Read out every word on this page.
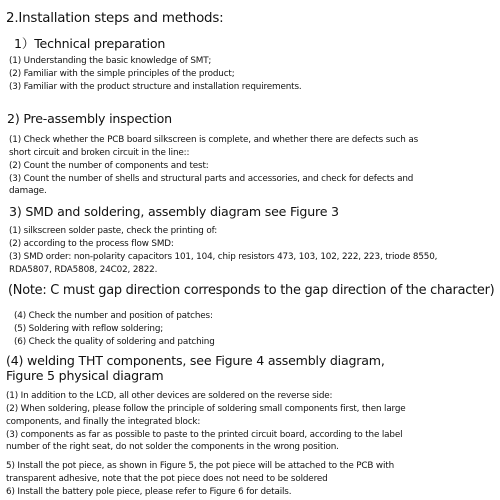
2.Installation steps and methods:
1）Technical preparation
(1) Understanding the basic knowledge of SMT;
(2) Familiar with the simple principles of the product;
(3) Familiar with the product structure and installation requirements.
2) Pre-assembly inspection
(1) Check whether the PCB board silkscreen is complete, and whether there are defects such as
short circuit and broken circuit in the line::
(2) Count the number of components and test:
(3) Count the number of shells and structural parts and accessories, and check for defects and
damage.
3) SMD and soldering, assembly diagram see Figure 3
(1) silkscreen solder paste, check the printing of:
(2) according to the process flow SMD:
(3) SMD order: non-polarity capacitors 101, 104, chip resistors 473, 103, 102, 222, 223, triode 8550,
RDA5807, RDA5808, 24C02, 2822.
(Note: C must gap direction corresponds to the gap direction of the character)
(4) Check the number and position of patches:
(5) Soldering with reflow soldering;
(6) Check the quality of soldering and patching
(4) welding THT components, see Figure 4 assembly diagram,
Figure 5 physical diagram
(1) In addition to the LCD, all other devices are soldered on the reverse side:
(2) When soldering, please follow the principle of soldering small components first, then large
components, and finally the integrated block:
(3) components as far as possible to paste to the printed circuit board, according to the label
number of the right seat, do not solder the components in the wrong position.
5) Install the pot piece, as shown in Figure 5, the pot piece will be attached to the PCB with
transparent adhesive, note that the pot piece does not need to be soldered
6) Install the battery pole piece, please refer to Figure 6 for details.
